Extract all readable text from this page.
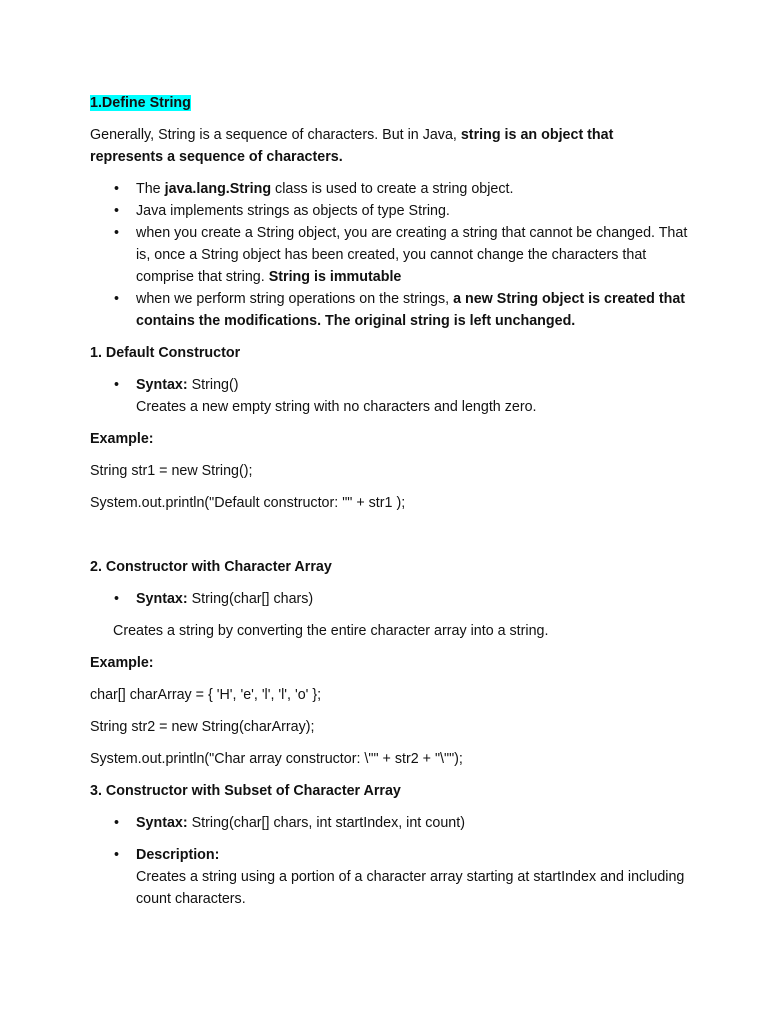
1.Define String

Generally, String is a sequence of characters. But in Java, string is an object that represents a sequence of characters.

• The java.lang.String class is used to create a string object.
• Java implements strings as objects of type String.
• when you create a String object, you are creating a string that cannot be changed. That is, once a String object has been created, you cannot change the characters that comprise that string. String is immutable
• when we perform string operations on the strings, a new String object is created that contains the modifications. The original string is left unchanged.

1. Default Constructor

• Syntax: String()
Creates a new empty string with no characters and length zero.

Example:

String str1 = new String();

System.out.println("Default constructor: "" + str1 );

2. Constructor with Character Array

• Syntax: String(char[] chars)

Creates a string by converting the entire character array into a string.

Example:

char[] charArray = { 'H', 'e', 'l', 'l', 'o' };

String str2 = new String(charArray);

System.out.println("Char array constructor: \"" + str2 + "\"");

3. Constructor with Subset of Character Array

• Syntax: String(char[] chars, int startIndex, int count)
• Description:
Creates a string using a portion of a character array starting at startIndex and including count characters.
